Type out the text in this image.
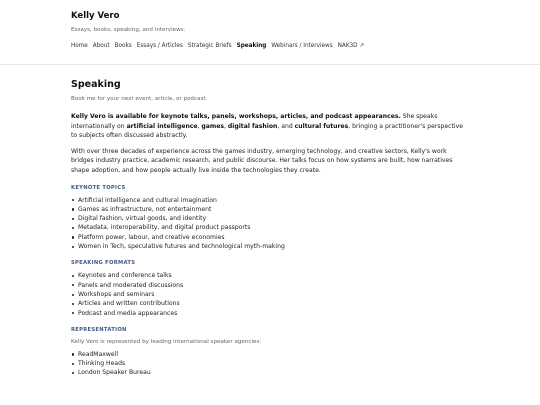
Kelly Vero
Essays, books, speaking, and interviews.
Home About Books Essays / Articles Strategic Briefs Speaking Webinars / Interviews NAK3D ↗
Speaking
Book me for your next event, article, or podcast.

Kelly Vero is available for keynote talks, panels, workshops, articles, and podcast appearances. She speaks internationally on artificial intelligence, games, digital fashion, and cultural futures, bringing a practitioner's perspective to subjects often discussed abstractly.

With over three decades of experience across the games industry, emerging technology, and creative sectors, Kelly's work bridges industry practice, academic research, and public discourse. Her talks focus on how systems are built, how narratives shape adoption, and how people actually live inside the technologies they create.

KEYNOTE TOPICS
Artificial intelligence and cultural imagination
Games as infrastructure, not entertainment
Digital fashion, virtual goods, and identity
Metadata, interoperability, and digital product passports
Platform power, labour, and creative economies
Women in Tech, speculative futures and technological myth-making
SPEAKING FORMATS
Keynotes and conference talks
Panels and moderated discussions
Workshops and seminars
Articles and written contributions
Podcast and media appearances
REPRESENTATION
Kelly Vero is represented by leading international speaker agencies:
ReadMaxwell
Thinking Heads
London Speaker Bureau
